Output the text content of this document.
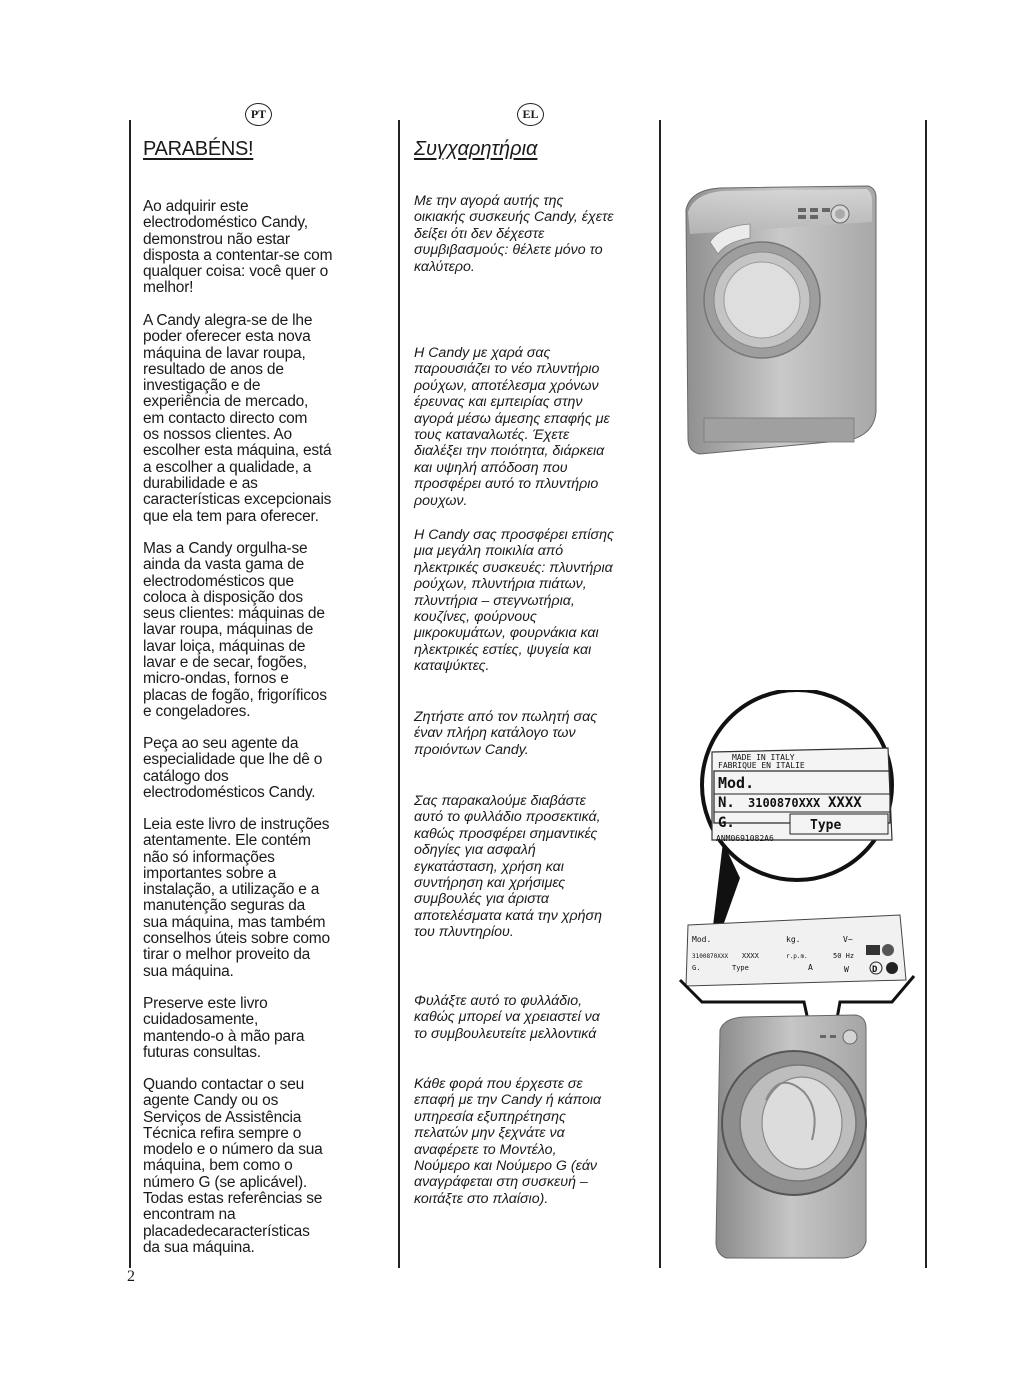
PT	EL
PARABÉNS!	Συγχαρητήρια

Ao adquirir este
electrodoméstico Candy,
demonstrou não estar
disposta a contentar-se com
qualquer coisa: você quer o
melhor!

A Candy alegra-se de lhe
poder oferecer esta nova
máquina de lavar roupa,
resultado de anos de
investigação e de
experiência de mercado,
em contacto directo com
os nossos clientes. Ao
escolher esta máquina, está
a escolher a qualidade, a
durabilidade e as
características excepcionais
que ela tem para oferecer.

Mas a Candy orgulha-se
ainda da vasta gama de
electrodomésticos que
coloca à disposição dos
seus clientes: máquinas de
lavar roupa, máquinas de
lavar loiça, máquinas de
lavar e de secar, fogões,
micro-ondas, fornos e
placas de fogão, frigoríficos
e congeladores.

Peça ao seu agente da
especialidade que lhe dê o
catálogo dos
electrodomésticos Candy.

Leia este livro de instruções
atentamente. Ele contém
não só informações
importantes sobre a
instalação, a utilização e a
manutenção seguras da
sua máquina, mas também
conselhos úteis sobre como
tirar o melhor proveito da
sua máquina.

Preserve este livro
cuidadosamente,
mantendo-o à mão para
futuras consultas.

Quando contactar o seu
agente Candy ou os
Serviços de Assistência
Técnica refira sempre o
modelo e o número da sua
máquina, bem como o
número G (se aplicável).
Todas estas referências se
encontram na
placadedecaracterísticas
da sua máquina.

Με την αγορά αυτής της
οικιακής συσκευής Candy, έχετε
δείξει ότι δεν δέχεστε
συμβιβασμούς: θέλετε μόνο το
καλύτερο.

Η Candy με χαρά σας
παρουσιάζει το νέο πλυντήριο
ρούχων, αποτέλεσμα χρόνων
έρευνας και εμπειρίας στην
αγορά μέσω άμεσης επαφής με
τους καταναλωτές. Έχετε
διαλέξει την ποιότητα, διάρκεια
και υψηλή απόδοση που
προσφέρει αυτό το πλυντήριο
ρουχων.

Η Candy σας προσφέρει επίσης
μια μεγάλη ποικιλία από
ηλεκτρικές συσκευές: πλυντήρια
ρούχων, πλυντήρια πιάτων,
πλυντήρια – στεγνωτήρια,
κουζίνες, φούρνους
μικροκυμάτων, φουρνάκια και
ηλεκτρικές εστίες, ψυγεία και
καταψύκτες.

Ζητήστε από τον πωλητή σας
έναν πλήρη κατάλογο των
προιόντων Candy.

Σας παρακαλούμε διαβάστε
αυτό το φυλλάδιο προσεκτικά,
καθώς προσφέρει σημαντικές
οδηγίες για ασφαλή
εγκατάσταση, χρήση και
συντήρηση και χρήσιμες
συμβουλές για άριστα
αποτελέσματα κατά την χρήση
του πλυντηρίου.

Φυλάξτε αυτό το φυλλάδιο,
καθώς μπορεί να χρειαστεί να
το συμβουλευτείτε μελλοντικά

Κάθε φορά που έρχεστε σε
επαφή με την Candy ή κάποια
υπηρεσία εξυπηρέτησης
πελατών μην ξεχνάτε να
αναφέρετε το Μοντέλο,
Νούμερο και Νούμερο G (εάν
αναγράφεται στη συσκευή –
κοιτάξτε στο πλαίσιο).

2
MADE IN ITALY
FABRIQUE EN ITALIE
Mod.
N. 3100870XXX XXXX
G.	Type
ANM0691082A6
Mod.
3100870XXX XXXX
G.	Type
kg.
r.p.m.	50 Hz
V~
A	W	D
